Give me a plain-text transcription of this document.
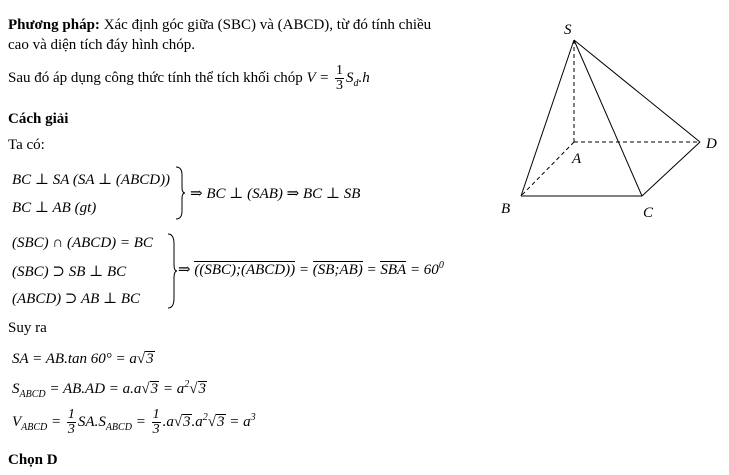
Phương pháp: Xác định góc giữa (SBC) và (ABCD), từ đó tính chiều
cao và diện tích đáy hình chóp.
Sau đó áp dụng công thức tính thể tích khối chóp $V = \frac{1}{3} S_d.h$
Cách giải
Ta có:
BC ⊥ SA (SA ⊥ (ABCD))
BC ⊥ AB (gt)
⇒ BC ⊥ (SAB) ⇒ BC ⊥ SB
(SBC) ∩ (ABCD) = BC
(SBC) ⊃ SB ⊥ BC
(ABCD) ⊃ AB ⊥ BC
⇒ ((SBC);(ABCD)) = (SB;AB) = SBA = $60^0$
Suy ra
SA = AB.tan 60° = a√3
$S_{ABCD} = AB.AD = a.a√3 = a^2√3$
$V_{ABCD} = \frac{1}{3} SA.S_{ABCD} = \frac{1}{3} .a√3.a^2√3 = a^3$
Chọn D
S
A
B	C
D
